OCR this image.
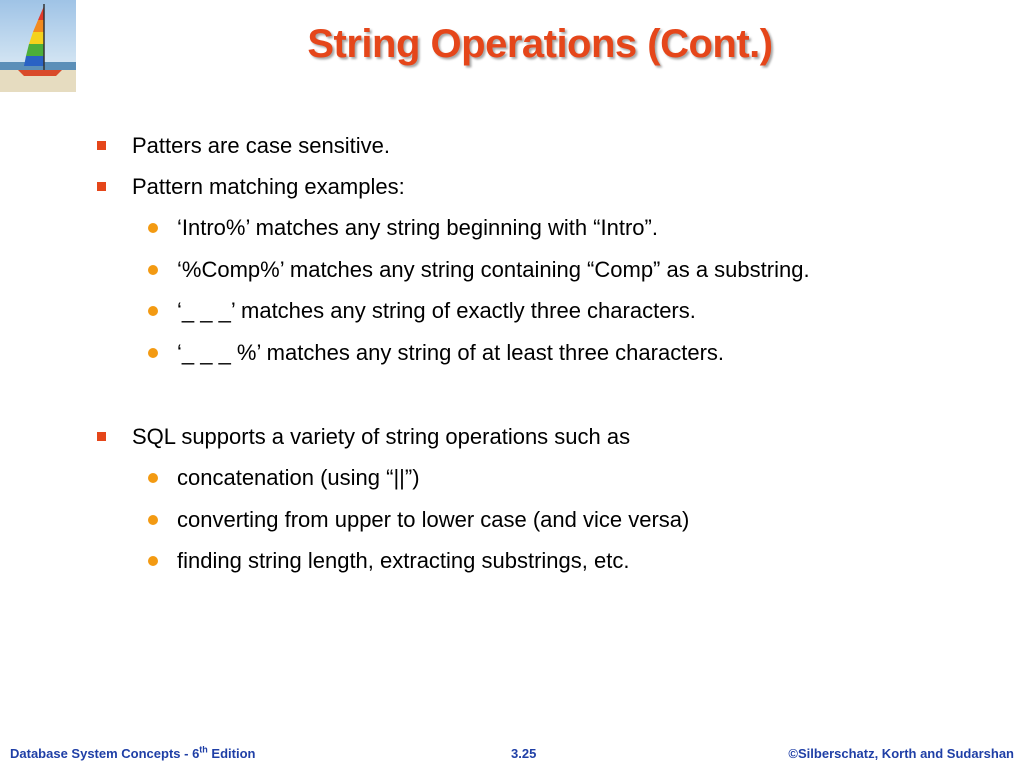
String Operations (Cont.)
Patters are case sensitive.
Pattern matching examples:
‘Intro%’ matches any string beginning with “Intro”.
‘%Comp%’ matches any string containing “Comp” as a substring.
‘_ _ _’ matches any string of exactly three characters.
‘_ _ _ %’ matches any string of at least three characters.
SQL supports a variety of string operations such as
concatenation (using “||”)
converting from upper to lower case (and vice versa)
finding string length, extracting substrings, etc.
Database System Concepts - 6th Edition	3.25	©Silberschatz, Korth and Sudarshan
